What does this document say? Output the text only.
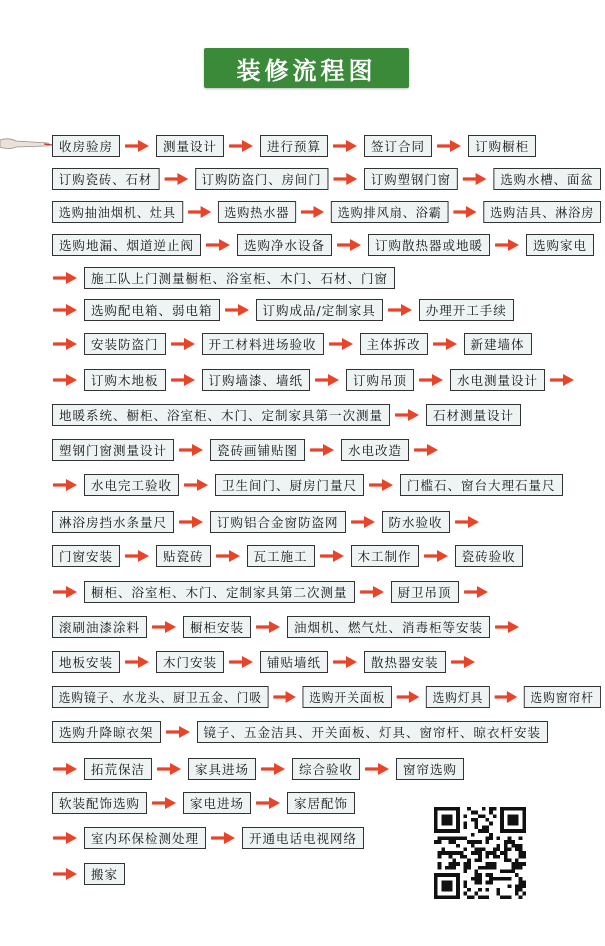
装修流程图
收房验房	测量设计	进行预算	签订合同	订购橱柜
订购瓷砖、石材	订购防盗门、房间门	订购塑钢门窗	选购水槽、面盆
选购抽油烟机、灶具	选购热水器	选购排风扇、浴霸	选购洁具、淋浴房
选购地漏、烟道逆止阀	选购净水设备	订购散热器或地暖	选购家电
施工队上门测量橱柜、浴室柜、木门、石材、门窗
选购配电箱、弱电箱	订购成品/定制家具	办理开工手续
安装防盗门	开工材料进场验收	主体拆改	新建墙体
订购木地板	订购墙漆、墙纸	订购吊顶	水电测量设计
地暖系统、橱柜、浴室柜、木门、定制家具第一次测量	石材测量设计
塑钢门窗测量设计	瓷砖画铺贴图	水电改造
水电完工验收	卫生间门、厨房门量尺	门槛石、窗台大理石量尺
淋浴房挡水条量尺	订购铝合金窗防盗网	防水验收
门窗安装	贴瓷砖	瓦工施工	木工制作	瓷砖验收
橱柜、浴室柜、木门、定制家具第二次测量	厨卫吊顶
滚刷油漆涂料	橱柜安装	油烟机、燃气灶、消毒柜等安装
地板安装	木门安装	铺贴墙纸	散热器安装
选购镜子、水龙头、厨卫五金、门吸	选购开关面板	选购灯具	选购窗帘杆
选购升降晾衣架	镜子、五金洁具、开关面板、灯具、窗帘杆、晾衣杆安装
拓荒保洁	家具进场	综合验收	窗帘选购
软装配饰选购	家电进场	家居配饰
室内环保检测处理	开通电话电视网络
搬家
